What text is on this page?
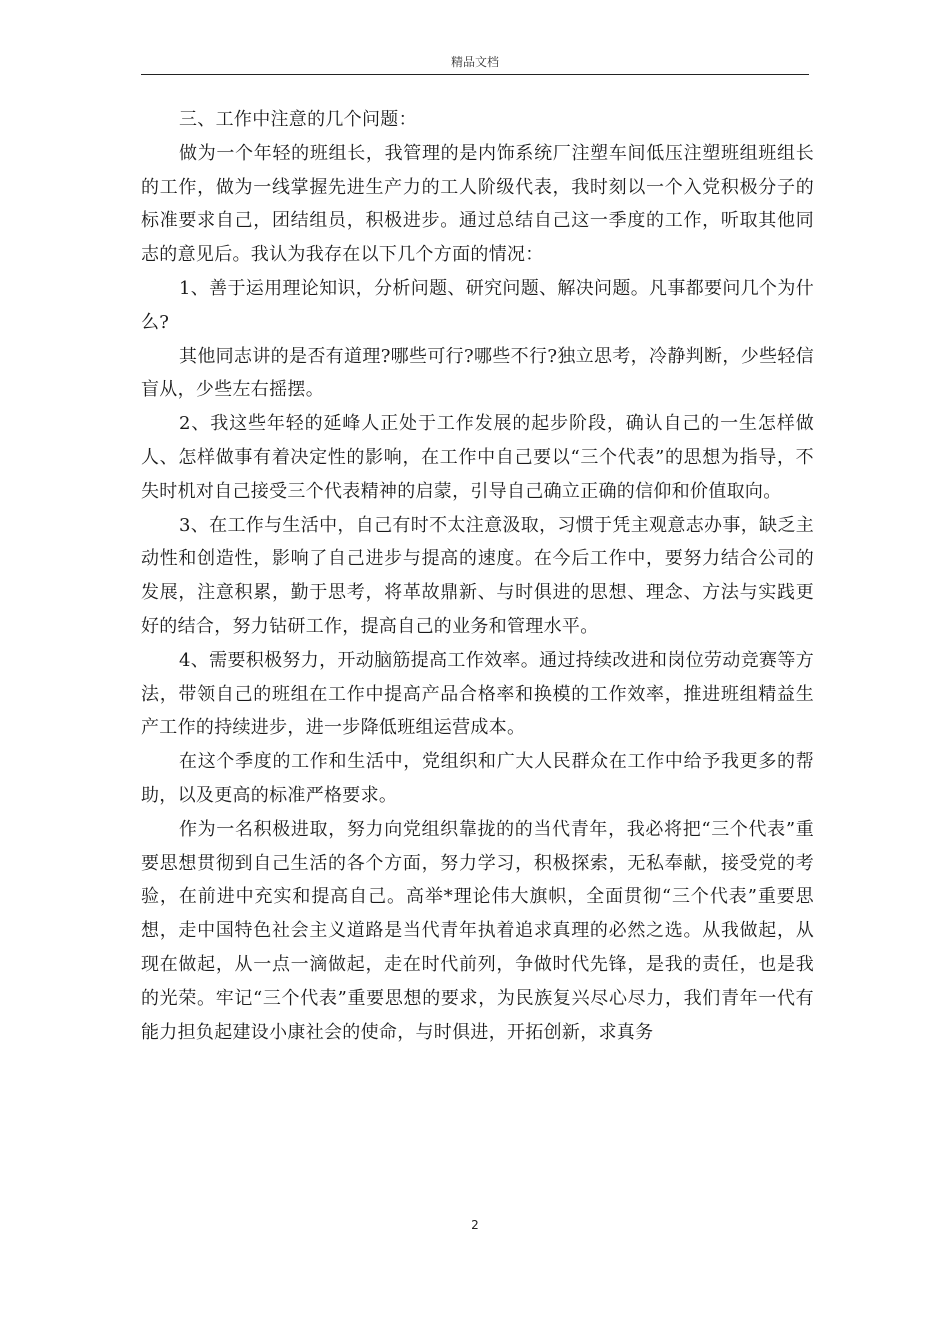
精品文档

三、工作中注意的几个问题：

做为一个年轻的班组长，我管理的是内饰系统厂注塑车间低压注塑班组班组长的工作，做为一线掌握先进生产力的工人阶级代表，我时刻以一个入党积极分子的标准要求自己，团结组员，积极进步。通过总结自己这一季度的工作，听取其他同志的意见后。我认为我存在以下几个方面的情况：

1、善于运用理论知识，分析问题、研究问题、解决问题。凡事都要问几个为什么?

其他同志讲的是否有道理?哪些可行?哪些不行?独立思考，冷静判断，少些轻信盲从，少些左右摇摆。

2、我这些年轻的延峰人正处于工作发展的起步阶段，确认自己的一生怎样做人、怎样做事有着决定性的影响，在工作中自己要以“三个代表”的思想为指导，不失时机对自己接受三个代表精神的启蒙，引导自己确立正确的信仰和价值取向。

3、在工作与生活中，自己有时不太注意汲取，习惯于凭主观意志办事，缺乏主动性和创造性，影响了自己进步与提高的速度。在今后工作中，要努力结合公司的发展，注意积累，勤于思考，将革故鼎新、与时俱进的思想、理念、方法与实践更好的结合，努力钻研工作，提高自己的业务和管理水平。

4、需要积极努力，开动脑筋提高工作效率。通过持续改进和岗位劳动竞赛等方法，带领自己的班组在工作中提高产品合格率和换模的工作效率，推进班组精益生产工作的持续进步，进一步降低班组运营成本。

在这个季度的工作和生活中，党组织和广大人民群众在工作中给予我更多的帮助，以及更高的标准严格要求。

作为一名积极进取，努力向党组织靠拢的的当代青年，我必将把“三个代表”重要思想贯彻到自己生活的各个方面，努力学习，积极探索，无私奉献，接受党的考验，在前进中充实和提高自己。高举*理论伟大旗帜，全面贯彻“三个代表”重要思想，走中国特色社会主义道路是当代青年执着追求真理的必然之选。从我做起，从现在做起，从一点一滴做起，走在时代前列，争做时代先锋，是我的责任，也是我的光荣。牢记“三个代表”重要思想的要求，为民族复兴尽心尽力，我们青年一代有能力担负起建设小康社会的使命，与时俱进，开拓创新，求真务

2
